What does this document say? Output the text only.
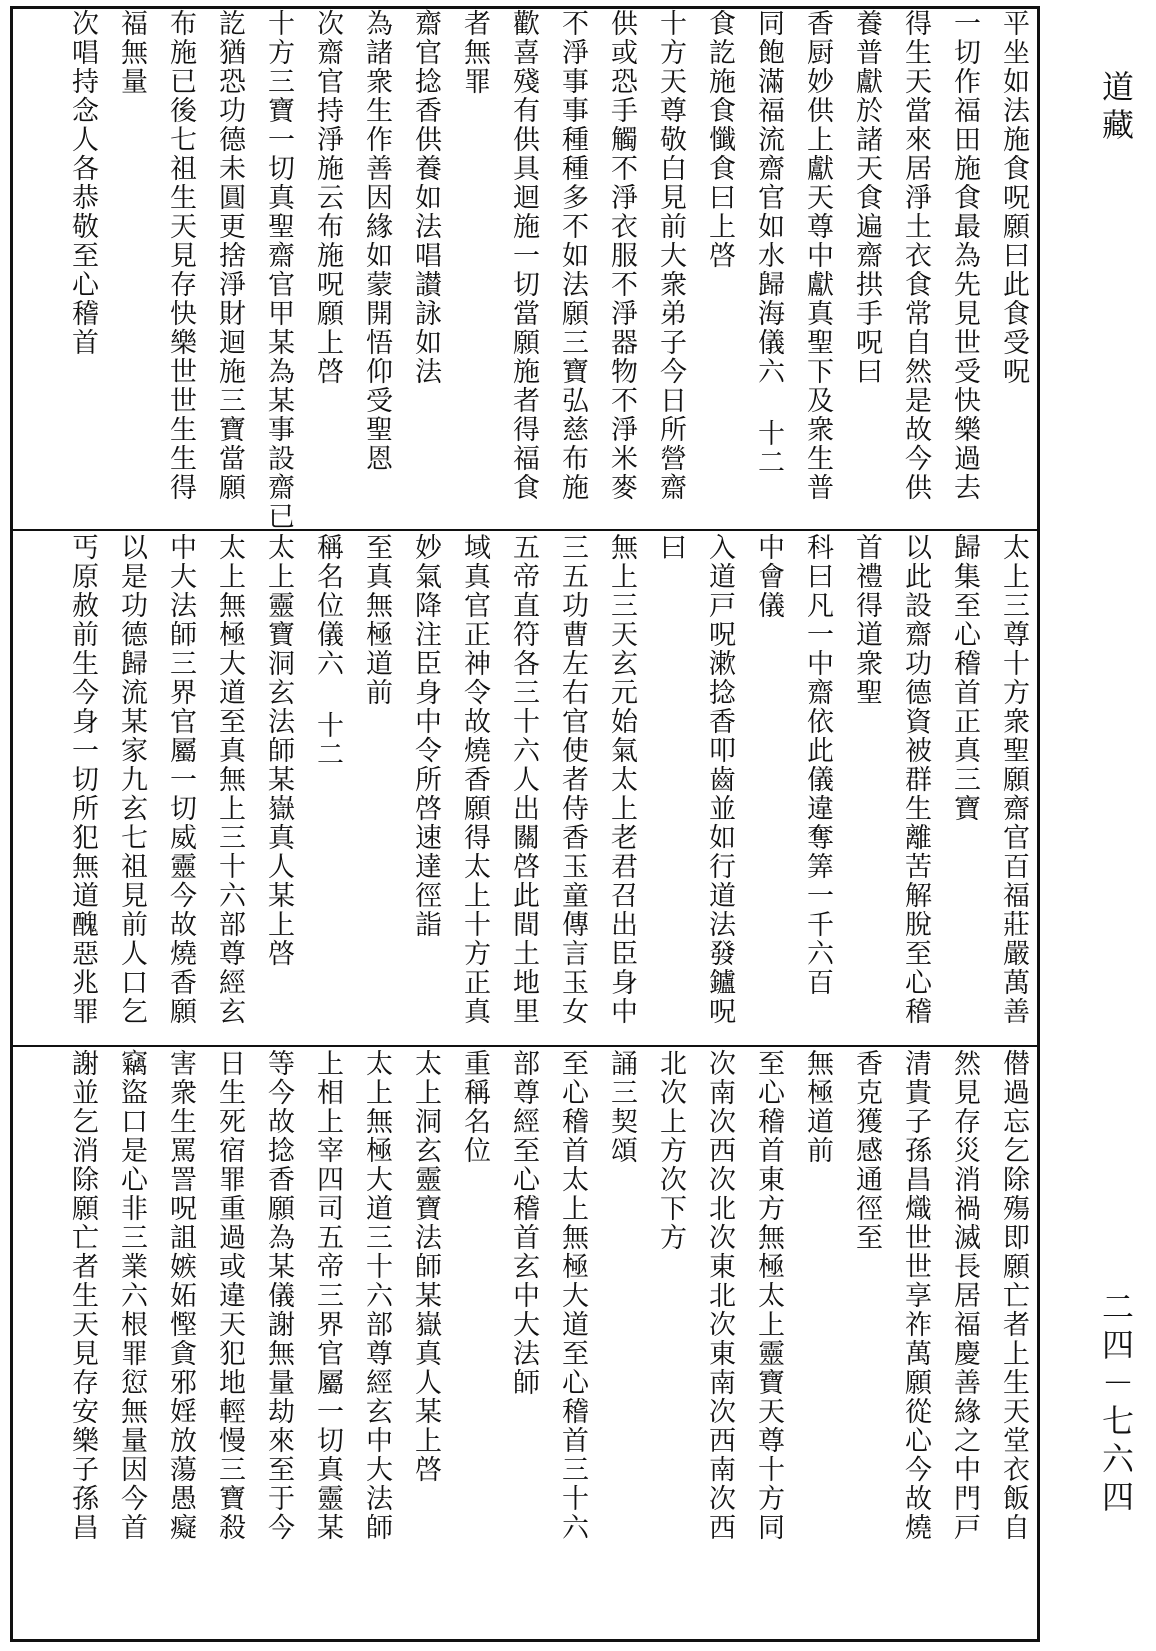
平坐如法施食呪願曰此食受呪
一切作福田施食最為先見世受快樂過去
得生天當來居淨土衣食常自然是故今供
養普獻於諸天食遍齋拱手呪曰
香厨妙供上獻天尊中獻真聖下及衆生普
同飽滿福流齋官如水歸海儀六 十二
食訖施食懺食曰上啓
十方天尊敬白見前大衆弟子今日所營齋
供或恐手觸不淨衣服不淨器物不淨米麥
不淨事事種種多不如法願三寶弘慈布施
歡喜殘有供具迴施一切當願施者得福食
者無罪
齋官捻香供養如法唱讃詠如法
為諸衆生作善因緣如蒙開悟仰受聖恩
次齋官持淨施云布施呪願上啓
十方三寶一切真聖齋官甲某為某事設齋已
訖猶恐功德未圓更捨淨財迴施三寶當願
布施已後七祖生天見存快樂世世生生得
福無量
次唱持念人各恭敬至心稽首
太上三尊十方衆聖願齋官百福莊嚴萬善
歸集至心稽首正真三寶
以此設齋功德資被群生離苦解脫至心稽
首禮得道衆聖
科曰凡一中齋依此儀違奪筭一千六百
中會儀
入道戸呪漱捻香叩齒並如行道法發鑪呪
曰
無上三天玄元始氣太上老君召出臣身中
三五功曹左右官使者侍香玉童傳言玉女
五帝直符各三十六人出關啓此間土地里
域真官正神令故燒香願得太上十方正真
妙氣降注臣身中令所啓速達徑詣
至真無極道前
稱名位儀六 十二
太上靈寶洞玄法師某嶽真人某上啓
太上無極大道至真無上三十六部尊經玄
中大法師三界官屬一切威靈今故燒香願
以是功德歸流某家九玄七祖見前人口乞
丐原赦前生今身一切所犯無道醜惡兆罪
僣過忘乞除殤即願亡者上生天堂衣飯自
然見存災消禍滅長居福慶善緣之中門戸
清貴子孫昌熾世世享祚萬願從心今故燒
香克獲感通徑至
無極道前
至心稽首東方無極太上靈寶天尊十方同
次南次西次北次東北次東南次西南次西
北次上方次下方
誦三契頌
至心稽首太上無極大道至心稽首三十六
部尊經至心稽首玄中大法師
重稱名位
太上洞玄靈寶法師某嶽真人某上啓
太上無極大道三十六部尊經玄中大法師
上相上宰四司五帝三界官屬一切真靈某
等今故捻香願為某儀謝無量劫來至于今
日生死宿罪重過或違天犯地輕慢三寶殺
害衆生罵詈呪詛嫉妬慳貪邪婬放蕩愚癡
竊盜口是心非三業六根罪愆無量因今首
謝並乞消除願亡者生天見存安樂子孫昌
道藏
二四－七六四
